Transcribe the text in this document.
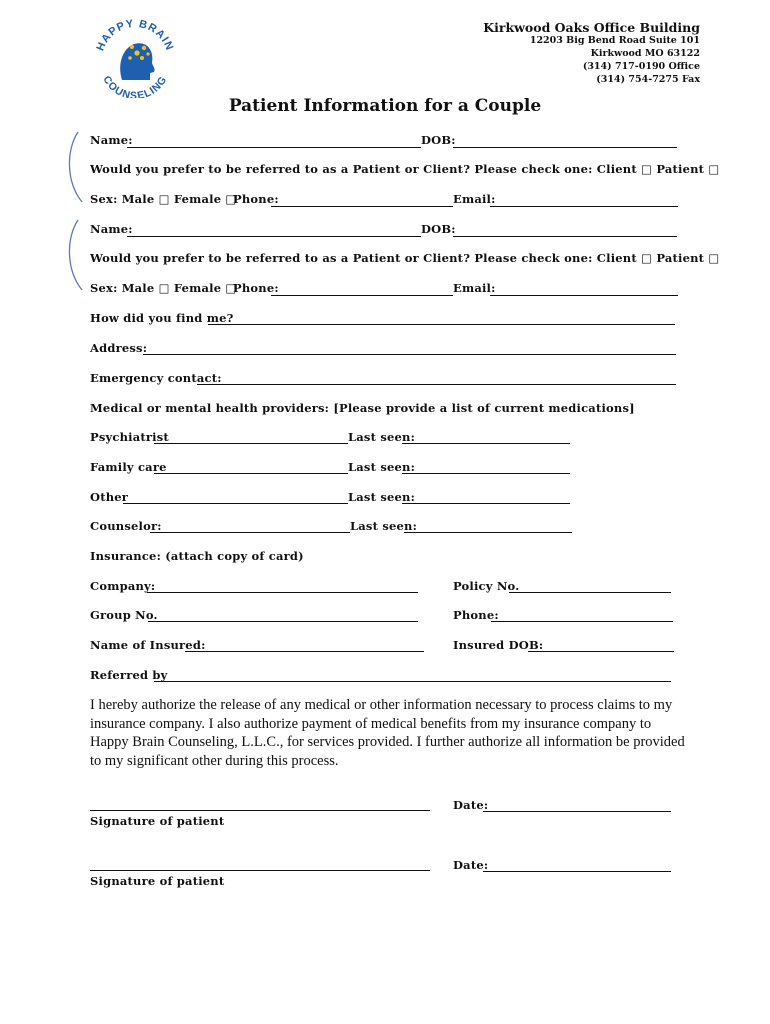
HAPPY BRAIN
COUNSELING
Kirkwood Oaks Office Building
12203 Big Bend Road Suite 101
Kirkwood MO 63122
(314) 717-0190 Office
(314) 754-7275 Fax
Patient Information for a Couple
Name:	DOB:
Would you prefer to be referred to as a Patient or Client? Please check one: Client □ Patient □
Sex: Male □ Female □
Phone:	Email:
Name:	DOB:
Would you prefer to be referred to as a Patient or Client? Please check one: Client □ Patient □
Sex: Male □ Female □
Phone:	Email:
How did you find me?
Address:
Emergency contact:
Medical or mental health providers: [Please provide a list of current medications]
Psychiatrist	Last seen:
Family care	Last seen:
Other	Last seen:
Counselor:	Last seen:
Insurance: (attach copy of card)
Company:	Policy No.
Group No.	Phone:
Name of Insured:	Insured DOB:
Referred by
I hereby authorize the release of any medical or other information necessary to process claims to my insurance company. I also authorize payment of medical benefits from my insurance company to Happy Brain Counseling, L.L.C., for services provided. I further authorize all information be provided to my significant other during this process.
Signature of patient
Date:
Signature of patient
Date:
